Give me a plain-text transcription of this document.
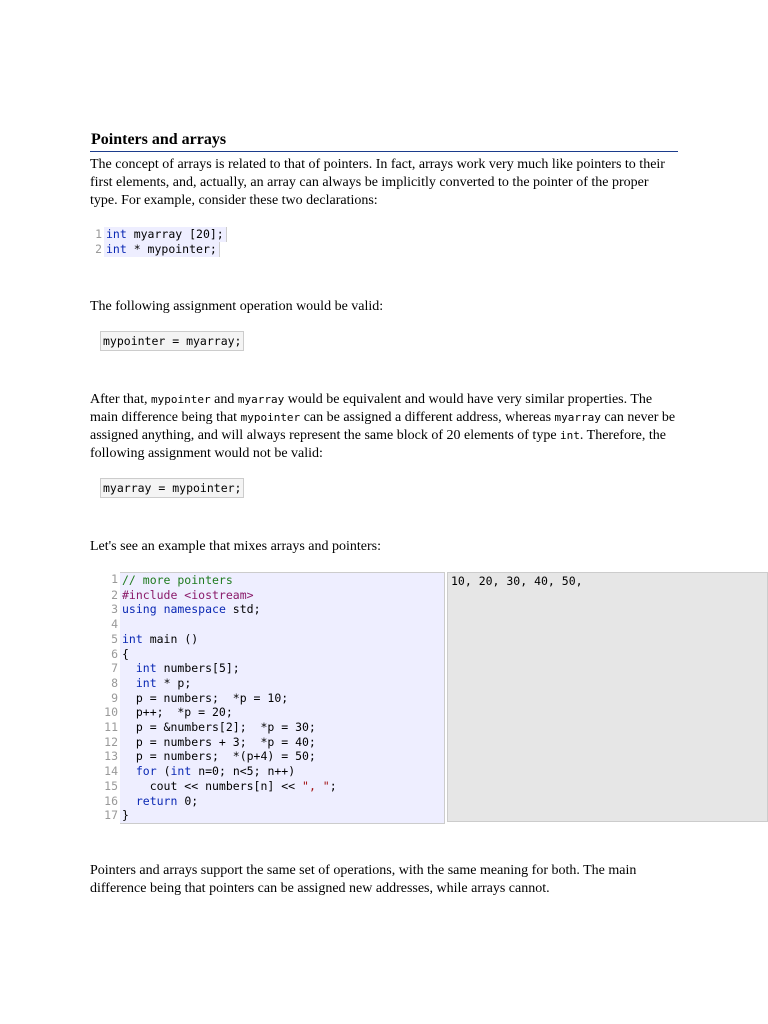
Pointers and arrays

The concept of arrays is related to that of pointers. In fact, arrays work very much like pointers to their first elements, and, actually, an array can always be implicitly converted to the pointer of the proper type. For example, consider these two declarations:

1 int myarray [20];
2 int * mypointer;

The following assignment operation would be valid:

mypointer = myarray;

After that, mypointer and myarray would be equivalent and would have very similar properties. The main difference being that mypointer can be assigned a different address, whereas myarray can never be assigned anything, and will always represent the same block of 20 elements of type int. Therefore, the following assignment would not be valid:

myarray = mypointer;

Let's see an example that mixes arrays and pointers:

1 // more pointers
2 #include <iostream>
3 using namespace std;
4

5 int main ()
6 {
7	int numbers[5];
8	int * p;
9 p = numbers;  *p = 10;
10 p++;  *p = 20;
11 p = &numbers[2];  *p = 30;
12 p = numbers + 3;  *p = 40;
13 p = numbers;  *(p+4) = 50;
14	for (int n=0; n<5; n++)
15 cout << numbers[n] << ", ";
16	return 0;
17 }
10, 20, 30, 40, 50,

Pointers and arrays support the same set of operations, with the same meaning for both. The main difference being that pointers can be assigned new addresses, while arrays cannot.
